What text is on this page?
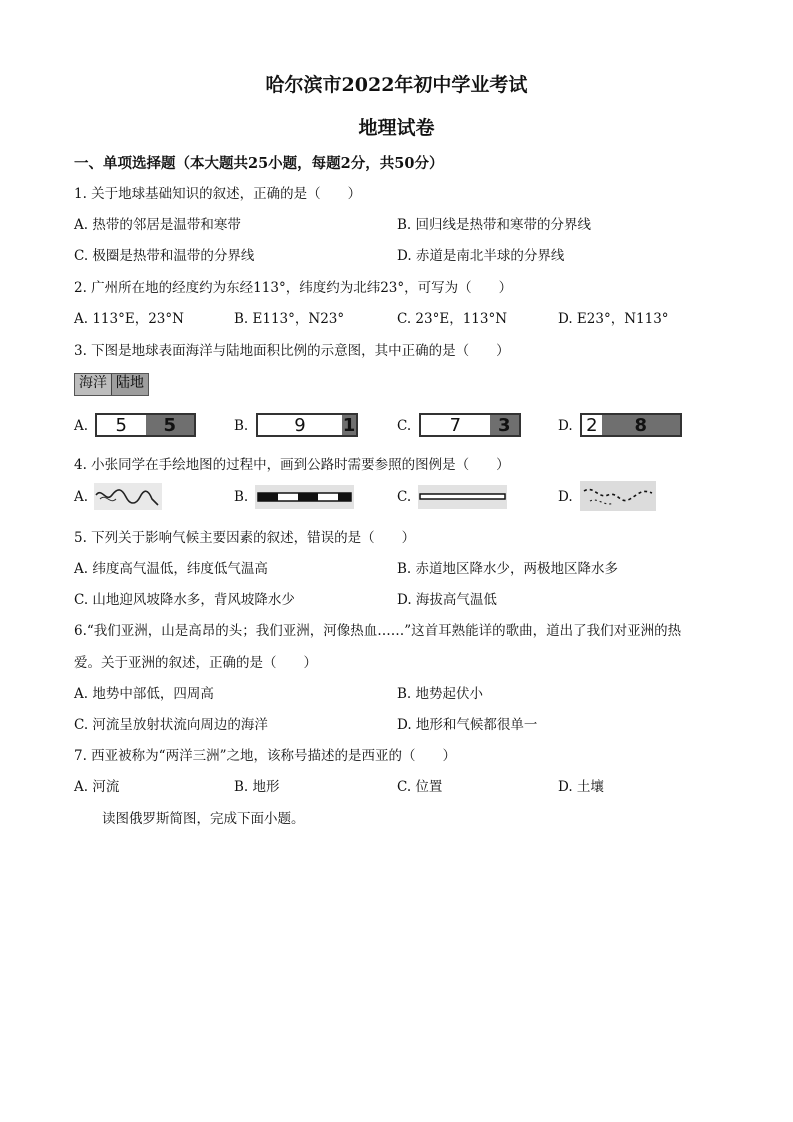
哈尔滨市2022年初中学业考试
地理试卷
一、单项选择题（本大题共25小题，每题2分，共50分）
1. 关于地球基础知识的叙述，正确的是（　　）
A. 热带的邻居是温带和寒带	B. 回归线是热带和寒带的分界线
C. 极圈是热带和温带的分界线	D. 赤道是南北半球的分界线
2. 广州所在地的经度约为东经113°，纬度约为北纬23°，可写为（　　）
A. 113°E，23°N	B. E113°，N23°	C. 23°E，113°N	D. E23°，N113°
3. 下图是地球表面海洋与陆地面积比例的示意图，其中正确的是（　　）
海洋 陆地
A.	5	5	B.	9	1	C.	7	3	D. 2	8
4. 小张同学在手绘地图的过程中，画到公路时需要参照的图例是（　　）
A.	B.	C.	D.
5. 下列关于影响气候主要因素的叙述，错误的是（　　）
A. 纬度高气温低，纬度低气温高	B. 赤道地区降水少，两极地区降水多
C. 山地迎风坡降水多，背风坡降水少	D. 海拔高气温低
6.“我们亚洲，山是高昂的头；我们亚洲，河像热血……”这首耳熟能详的歌曲，道出了我们对亚洲的热
爱。关于亚洲的叙述，正确的是（　　）
A. 地势中部低，四周高	B. 地势起伏小
C. 河流呈放射状流向周边的海洋	D. 地形和气候都很单一
7. 西亚被称为“两洋三洲”之地，该称号描述的是西亚的（　　）
A. 河流	B. 地形	C. 位置	D. 土壤
读图俄罗斯简图，完成下面小题。
